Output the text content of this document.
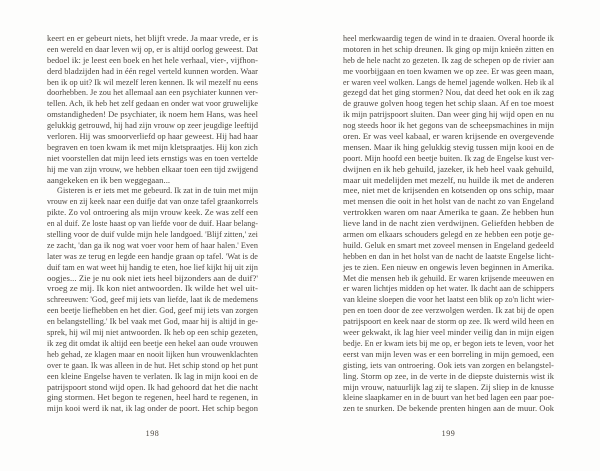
keert en er gebeurt niets, het blijft vrede. Ja maar vrede, er is
een wereld en daar leven wij op, er is altijd oorlog geweest. Dat
bedoel ik: je leest een boek en het hele verhaal, vier-, vijfhon-
derd bladzijden had in één regel verteld kunnen worden. Waar
ben ik op uit? Ik wil mezelf leren kennen. Ik wil mezelf nu eens
doorhebben. Je zou het allemaal aan een psychiater kunnen ver-
tellen. Ach, ik heb het zelf gedaan en onder wat voor gruwelijke
omstandigheden! De psychiater, ik noem hem Hans, was heel
gelukkig getrouwd, hij had zijn vrouw op zeer jeugdige leeftijd
verloren. Hij was smoorverliefd op haar geweest. Hij had haar
begraven en toen kwam ik met mijn kletspraatjes. Hij kon zich
niet voorstellen dat mijn leed iets ernstigs was en toen vertelde
hij me van zijn vrouw, we hebben elkaar toen een tijd zwijgend
aangekeken en ik ben weggegaan...
Gisteren is er iets met me gebeurd. Ik zat in de tuin met mijn
vrouw en zij keek naar een duifje dat van onze tafel graankorrels
pikte. Zo vol ontroering als mijn vrouw keek. Ze was zelf een
en al duif. Ze loste haast op van liefde voor de duif. Haar belang-
stelling voor de duif vulde mijn hele landgoed. 'Blijf zitten,' zei
ze zacht, 'dan ga ik nog wat voer voor hem of haar halen.' Even
later was ze terug en legde een handje graan op tafel. 'Wat is de
duif tam en wat weet hij handig te eten, hoe lief kijkt hij uit zijn
oogjes... Zie je nu ook niet iets heel bijzonders aan de duif?'
vroeg ze mij. Ik kon niet antwoorden. Ik wilde het wel uit-
schreeuwen: 'God, geef mij iets van liefde, laat ik de medemens
een beetje liefhebben en het dier. God, geef mij iets van zorgen
en belangstelling.' Ik bel vaak met God, maar hij is altijd in ge-
sprek, hij wil mij niet antwoorden. Ik heb op een schip gezeten,
ik zeg dit omdat ik altijd een beetje een hekel aan oude vrouwen
heb gehad, ze klagen maar en nooit lijken hun vrouwenklachten
over te gaan. Ik was alleen in de hut. Het schip stond op het punt
een kleine Engelse haven te verlaten. Ik lag in mijn kooi en de
patrijspoort stond wijd open. Ik had gehoord dat het die nacht
ging stormen. Het begon te regenen, heel hard te regenen, in
mijn kooi werd ik nat, ik lag onder de poort. Het schip begon
198
heel merkwaardig tegen de wind in te draaien. Overal hoorde ik
motoren in het schip dreunen. Ik ging op mijn knieën zitten en
heb de hele nacht zo gezeten. Ik zag de schepen op de rivier aan
me voorbijgaan en toen kwamen we op zee. Er was geen maan,
er waren veel wolken. Langs de hemel jagende wolken. Heb ik al
gezegd dat het ging stormen? Nou, dat deed het ook en ik zag
de grauwe golven hoog tegen het schip slaan. Af en toe moest
ik mijn patrijspoort sluiten. Dan weer ging hij wijd open en nu
nog steeds hoor ik het gegons van de scheepsmachines in mijn
oren. Er was veel kabaal, er waren krijsende en overgevende
mensen. Maar ik hing gelukkig stevig tussen mijn kooi en de
poort. Mijn hoofd een beetje buiten. Ik zag de Engelse kust ver-
dwijnen en ik heb gehuild, jazeker, ik heb heel vaak gehuild,
maar uit medelijden met mezelf, nu huilde ik met de anderen
mee, niet met de krijsenden en kotsenden op ons schip, maar
met mensen die ooit in het holst van de nacht zo van Engeland
vertrokken waren om naar Amerika te gaan. Ze hebben hun
lieve land in de nacht zien verdwijnen. Geliefden hebben de
armen om elkaars schouders gelegd en ze hebben een potje ge-
huild. Geluk en smart met zoveel mensen in Engeland gedeeld
hebben en dan in het holst van de nacht de laatste Engelse licht-
jes te zien. Een nieuw en ongewis leven beginnen in Amerika.
Met die mensen heb ik gehuild. Er waren krijsende meeuwen en
er waren lichtjes midden op het water. Ik dacht aan de schippers
van kleine sloepen die voor het laatst een blik op zo'n licht wier-
pen en toen door de zee verzwolgen werden. Ik zat bij de open
patrijspoort en keek naar de storm op zee. Ik werd wild heen en
weer gekwakt, ik lag hier veel minder veilig dan in mijn eigen
bedje. En er kwam iets bij me op, er begon iets te leven, voor het
eerst van mijn leven was er een borreling in mijn gemoed, een
gisting, iets van ontroering. Ook iets van zorgen en belangstel-
ling. Storm op zee, in de verte in de diepste duisternis wist ik
mijn vrouw, natuurlijk lag zij te slapen. Zij sliep in de knusse
kleine slaapkamer en in de buurt van het bed lagen een paar poe-
zen te snurken. De bekende prenten hingen aan de muur. Ook
199
